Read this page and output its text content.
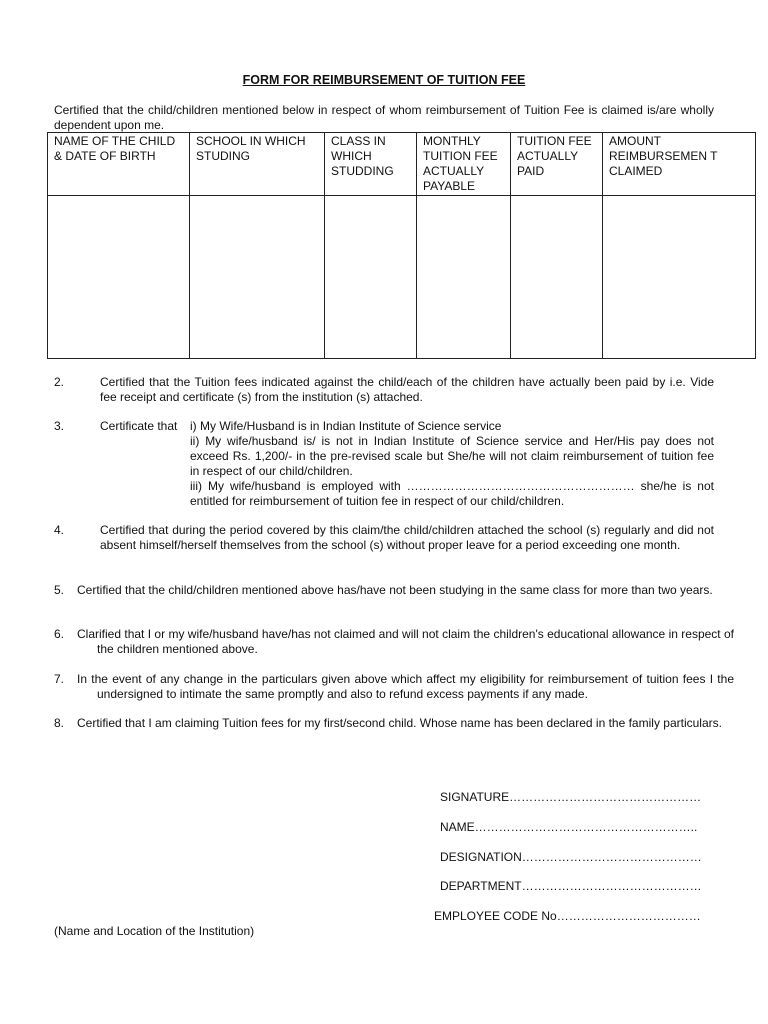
FORM FOR REIMBURSEMENT OF TUITION FEE
Certified that the child/children mentioned below in respect of whom reimbursement of Tuition Fee is claimed is/are wholly dependent upon me.
NAME OF THE CHILD & DATE OF BIRTH	SCHOOL IN WHICH STUDING	CLASS IN WHICH STUDDING	MONTHLY TUITION FEE ACTUALLY PAYABLE	TUITION FEE ACTUALLY PAID	AMOUNT REIMBURSEMEN T CLAIMED

2.	Certified that the Tuition fees indicated against the child/each of the children have actually been paid by i.e. Vide fee receipt and certificate (s) from the institution (s) attached.
3.	Certificate that i) My Wife/Husband is in Indian Institute of Science service
ii) My wife/husband is/ is not in Indian Institute of Science service and Her/His pay does not exceed Rs. 1,200/- in the pre-revised scale but She/he will not claim reimbursement of tuition fee in respect of our child/children.
iii) My wife/husband is employed with ………………………………………………… she/he is not entitled for reimbursement of tuition fee in respect of our child/children.
4.	Certified that during the period covered by this claim/the child/children attached the school (s) regularly and did not absent himself/herself themselves from the school (s) without proper leave for a period exceeding one month.
5. Certified that the child/children mentioned above has/have not been studying in the same class for more than two years.
6. Clarified that I or my wife/husband have/has not claimed and will not claim the children's educational allowance in respect of the children mentioned above.
7. In the event of any change in the particulars given above which affect my eligibility for reimbursement of tuition fees I the undersigned to intimate the same promptly and also to refund excess payments if any made.
8. Certified that I am claiming Tuition fees for my first/second child. Whose name has been declared in the family particulars.
SIGNATURE…………………………………………
NAME………………………………………………..
DESIGNATION………………………………………
DEPARTMENT………………………………………
EMPLOYEE CODE No………………………………
(Name and Location of the Institution)
